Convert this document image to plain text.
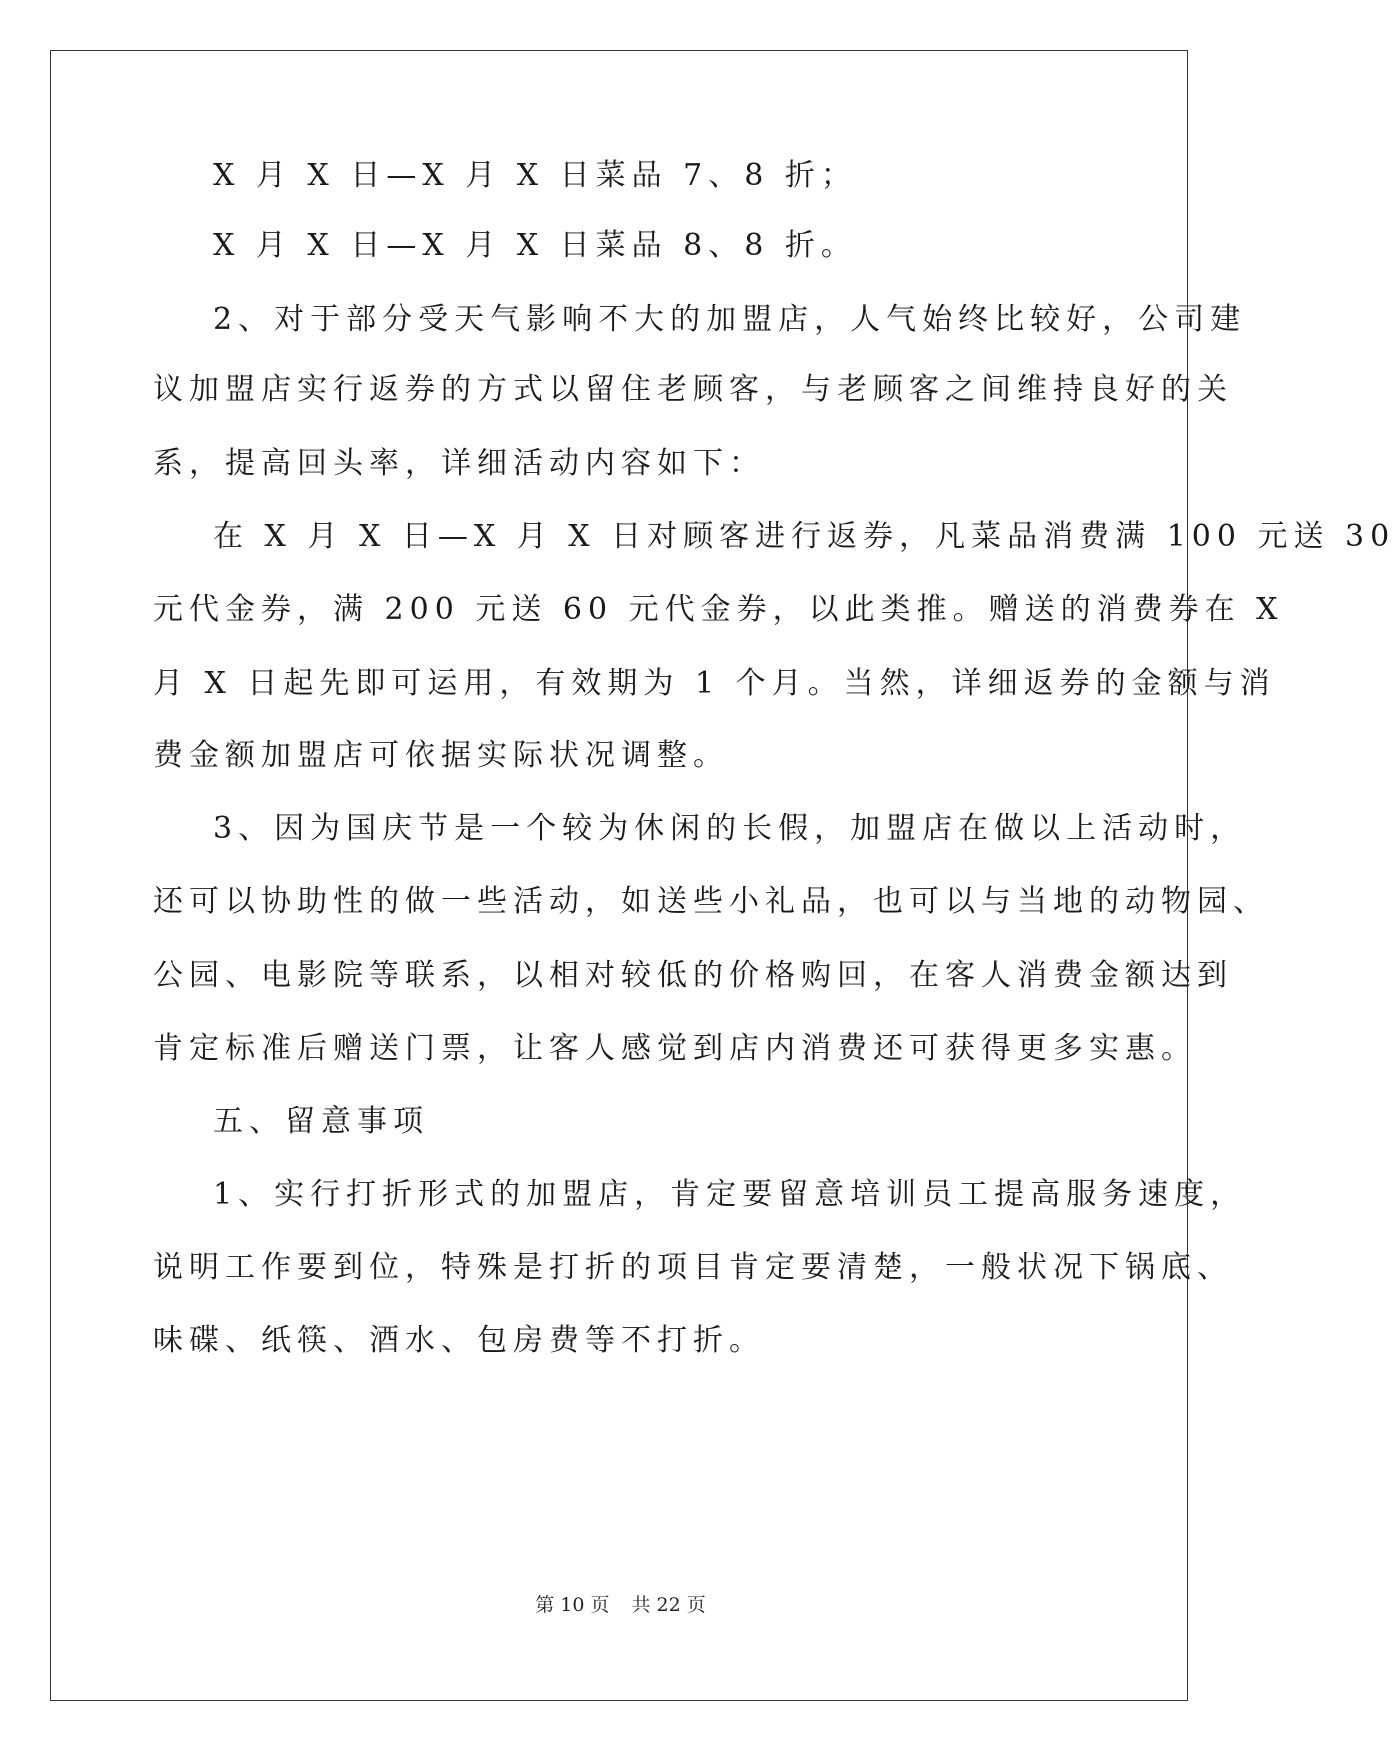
X 月 X 日—X 月 X 日菜品 7、8 折；
X 月 X 日—X 月 X 日菜品 8、8 折。
2、对于部分受天气影响不大的加盟店，人气始终比较好，公司建
议加盟店实行返券的方式以留住老顾客，与老顾客之间维持良好的关
系，提高回头率，详细活动内容如下：
在 X 月 X 日—X 月 X 日对顾客进行返券，凡菜品消费满 100 元送 30
元代金券，满 200 元送 60 元代金券，以此类推。赠送的消费券在 X
月 X 日起先即可运用，有效期为 1 个月。当然，详细返券的金额与消
费金额加盟店可依据实际状况调整。
3、因为国庆节是一个较为休闲的长假，加盟店在做以上活动时，
还可以协助性的做一些活动，如送些小礼品，也可以与当地的动物园、
公园、电影院等联系，以相对较低的价格购回，在客人消费金额达到
肯定标准后赠送门票，让客人感觉到店内消费还可获得更多实惠。
五、留意事项
1、实行打折形式的加盟店，肯定要留意培训员工提高服务速度，
说明工作要到位，特殊是打折的项目肯定要清楚，一般状况下锅底、
味碟、纸筷、酒水、包房费等不打折。
第 10 页 共 22 页
